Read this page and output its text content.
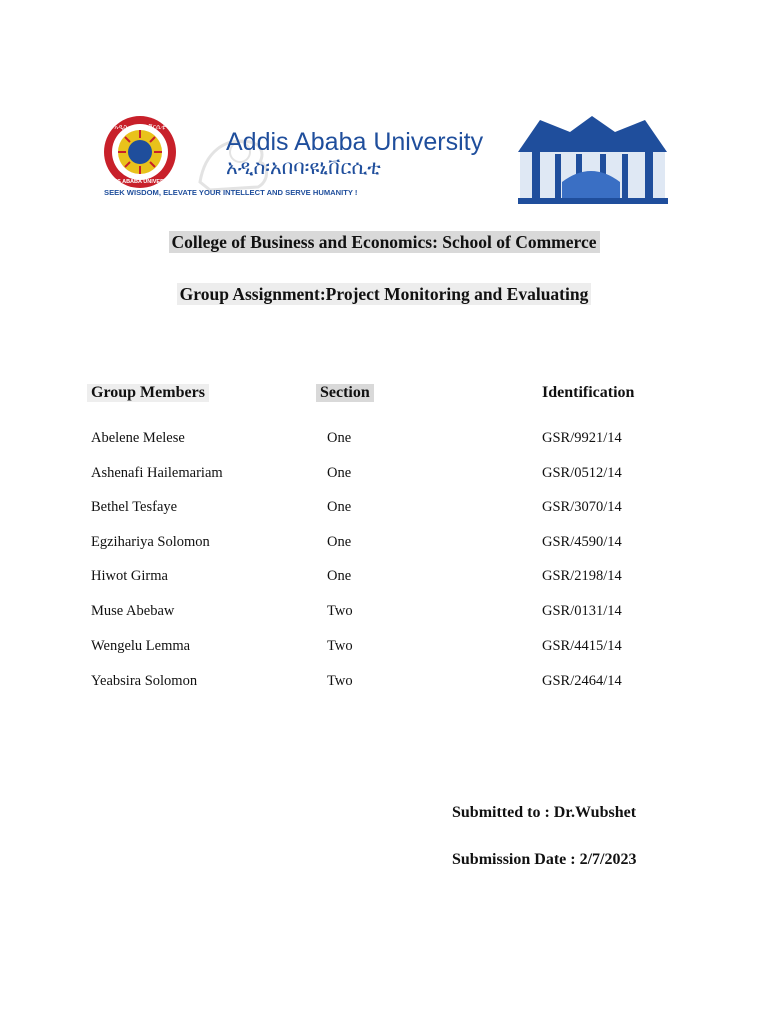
አዲስ አበባ ዩኒቨርሲቲ
ADDIS ABABA UNIVERSITY
Addis Ababa University
አዲስ፡አበባ፡ዩኒቨርሲቲ
SEEK WISDOM, ELEVATE YOUR INTELLECT AND SERVE HUMANITY !
College of Business and Economics: School of Commerce
Group Assignment:Project Monitoring and Evaluating
Group Members	Section	Identification
Abelene Melese	One	GSR/9921/14
Ashenafi Hailemariam	One	GSR/0512/14
Bethel Tesfaye	One	GSR/3070/14
Egzihariya Solomon	One	GSR/4590/14
Hiwot Girma	One	GSR/2198/14
Muse Abebaw	Two	GSR/0131/14
Wengelu Lemma	Two	GSR/4415/14
Yeabsira Solomon	Two	GSR/2464/14
Submitted to : Dr.Wubshet
Submission Date : 2/7/2023
